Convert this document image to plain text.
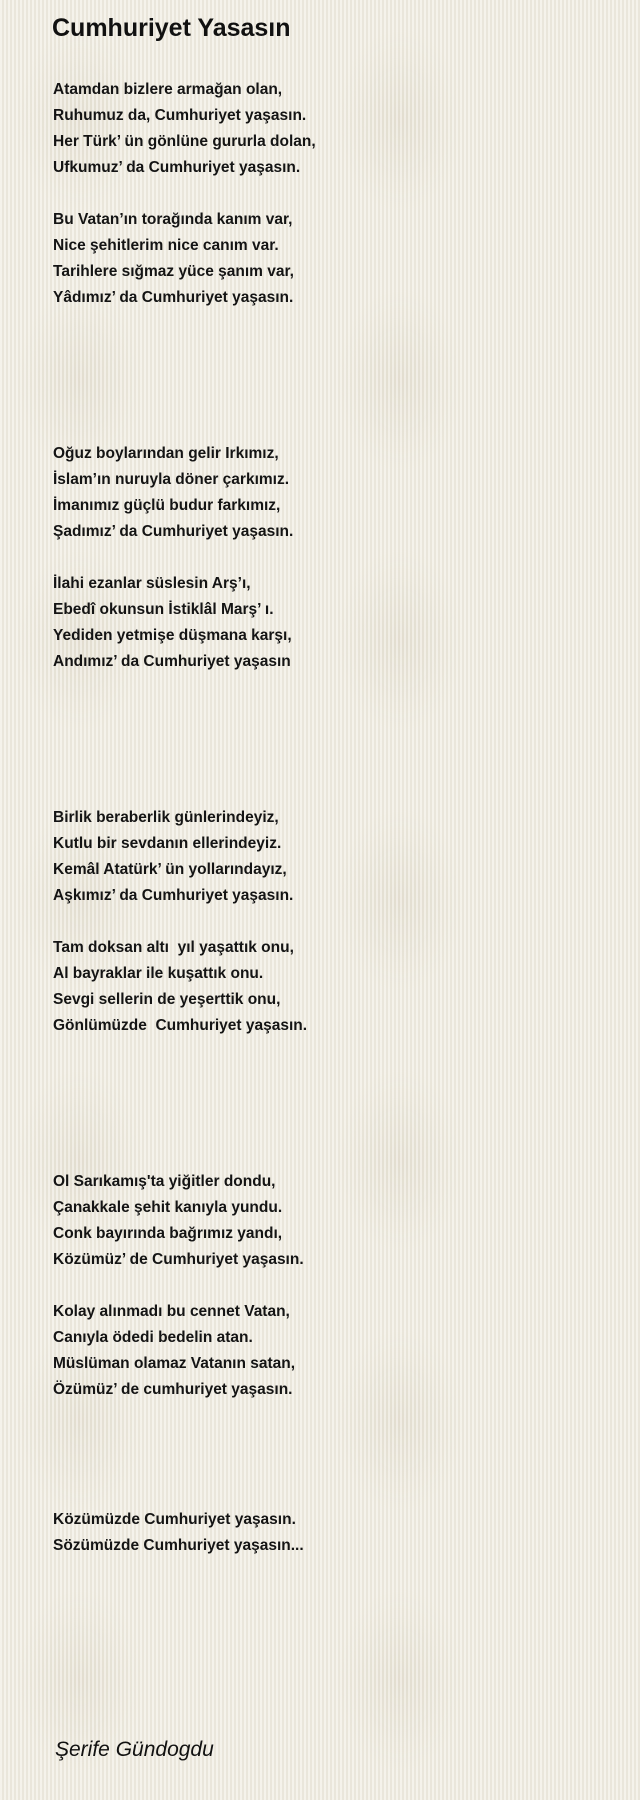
Cumhuriyet Yasasın
Atamdan bizlere armağan olan,
Ruhumuz da, Cumhuriyet yaşasın.
Her Türk’ ün gönlüne gururla dolan,
Ufkumuz’ da Cumhuriyet yaşasın.
Bu Vatan’ın torağında kanım var,
Nice şehitlerim nice canım var.
Tarihlere sığmaz yüce şanım var,
Yâdımız’ da Cumhuriyet yaşasın.
Oğuz boylarından gelir Irkımız,
İslam’ın nuruyla döner çarkımız.
İmanımız güçlü budur farkımız,
Şadımız’ da Cumhuriyet yaşasın.
İlahi ezanlar süslesin Arş’ı,
Ebedî okunsun İstiklâl Marş’ ı.
Yediden yetmişe düşmana karşı,
Andımız’ da Cumhuriyet yaşasın
Birlik beraberlik günlerindeyiz,
Kutlu bir sevdanın ellerindeyiz.
Kemâl Atatürk’ ün yollarındayız,
Aşkımız’ da Cumhuriyet yaşasın.
Tam doksan altı  yıl yaşattık onu,
Al bayraklar ile kuşattık onu.
Sevgi sellerin de yeşerttik onu,
Gönlümüzde  Cumhuriyet yaşasın.
Ol Sarıkamış'ta yiğitler dondu,
Çanakkale şehit kanıyla yundu.
Conk bayırında bağrımız yandı,
Közümüz’ de Cumhuriyet yaşasın.
Kolay alınmadı bu cennet Vatan,
Canıyla ödedi bedelin atan.
Müslüman olamaz Vatanın satan,
Özümüz’ de cumhuriyet yaşasın.
Közümüzde Cumhuriyet yaşasın.
Sözümüzde Cumhuriyet yaşasın...
Şerife Gündogdu
